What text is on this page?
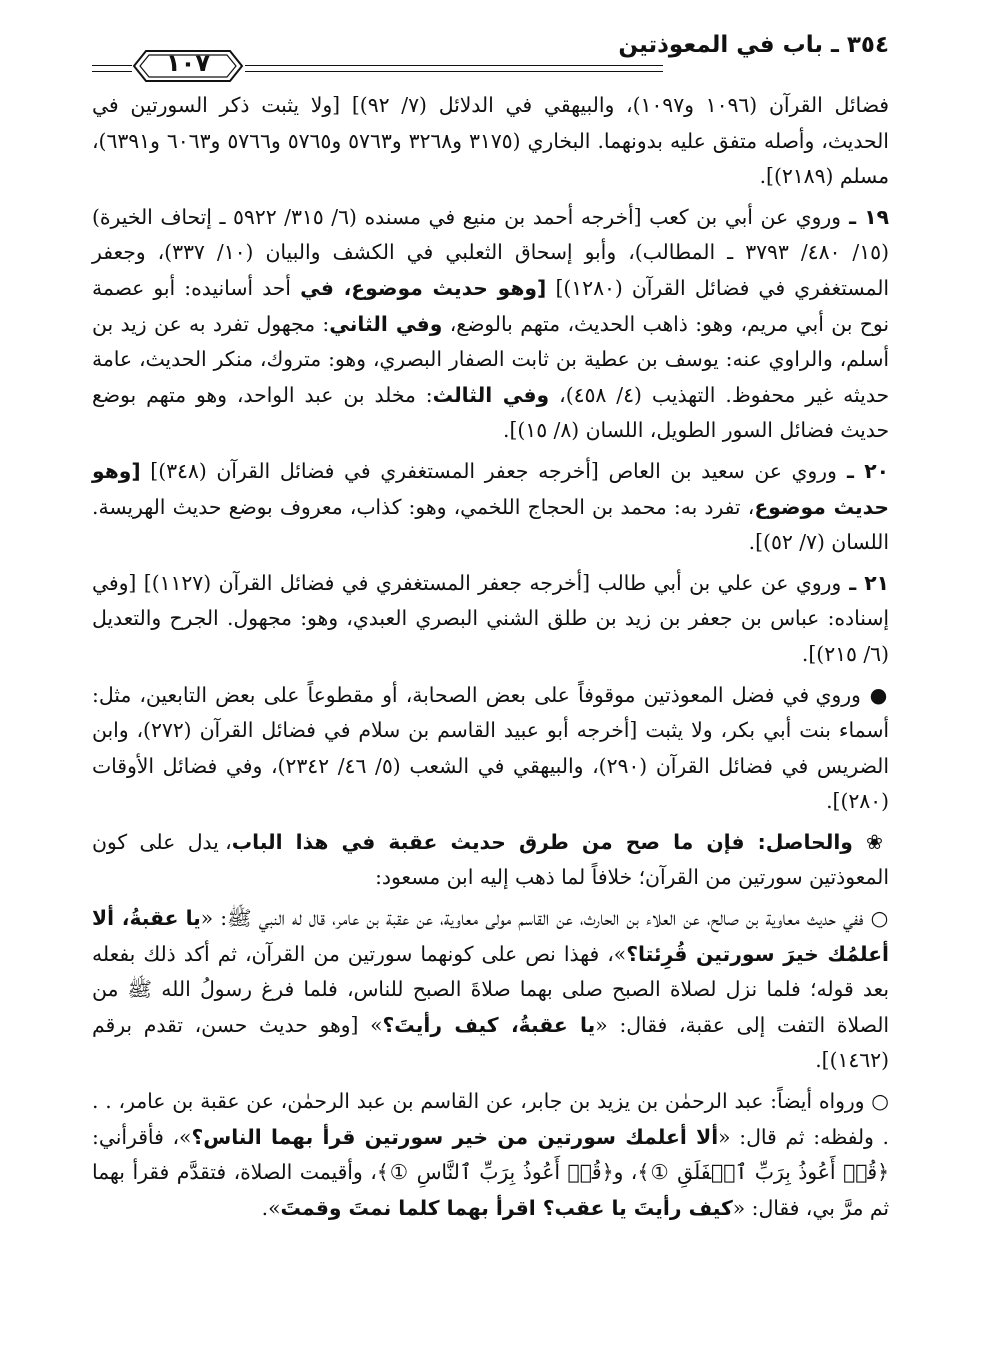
٣٥٤ ـ باب في المعوذتين
١٠٧

فضائل القرآن (١٠٩٦ و١٠٩٧)، والبيهقي في الدلائل (٧/ ٩٢)] [ولا يثبت ذكر السورتين في الحديث، وأصله متفق عليه بدونهما. البخاري (٣١٧٥ و٣٢٦٨ و٥٧٦٣ و٥٧٦٥ و٥٧٦٦ و٦٠٦٣ و٦٣٩١)، مسلم (٢١٨٩)].

١٩ ـ وروي عن أبي بن كعب [أخرجه أحمد بن منيع في مسنده (٦/ ٣١٥/ ٥٩٢٢ ـ إتحاف الخيرة) (١٥/ ٤٨٠/ ٣٧٩٣ ـ المطالب)، وأبو إسحاق الثعلبي في الكشف والبيان (١٠/ ٣٣٧)، وجعفر المستغفري في فضائل القرآن (١٢٨٠)] [وهو حديث موضوع، في أحد أسانيده: أبو عصمة نوح بن أبي مريم، وهو: ذاهب الحديث، متهم بالوضع، وفي الثاني: مجهول تفرد به عن زيد بن أسلم، والراوي عنه: يوسف بن عطية بن ثابت الصفار البصري، وهو: متروك، منكر الحديث، عامة حديثه غير محفوظ. التهذيب (٤/ ٤٥٨)، وفي الثالث: مخلد بن عبد الواحد، وهو متهم بوضع حديث فضائل السور الطويل، اللسان (٨/ ١٥)].

٢٠ ـ وروي عن سعيد بن العاص [أخرجه جعفر المستغفري في فضائل القرآن (٣٤٨)] [وهو حديث موضوع، تفرد به: محمد بن الحجاج اللخمي، وهو: كذاب، معروف بوضع حديث الهريسة. اللسان (٧/ ٥٢)].

٢١ ـ وروي عن علي بن أبي طالب [أخرجه جعفر المستغفري في فضائل القرآن (١١٢٧)] [وفي إسناده: عباس بن جعفر بن زيد بن طلق الشني البصري العبدي، وهو: مجهول. الجرح والتعديل (٦/ ٢١٥)].

● وروي في فضل المعوذتين موقوفاً على بعض الصحابة، أو مقطوعاً على بعض التابعين، مثل: أسماء بنت أبي بكر، ولا يثبت [أخرجه أبو عبيد القاسم بن سلام في فضائل القرآن (٢٧٢)، وابن الضريس في فضائل القرآن (٢٩٠)، والبيهقي في الشعب (٥/ ٤٦/ ٢٣٤٢)، وفي فضائل الأوقات (٢٨٠)].

❀ والحاصل: فإن ما صح من طرق حديث عقبة في هذا الباب، يدل على كون المعوذتين سورتين من القرآن؛ خلافاً لما ذهب إليه ابن مسعود:

○ ففي حديث معاوية بن صالح، عن العلاء بن الحارث، عن القاسم مولى معاوية، عن عقبة بن عامر، قال له النبي ﷺ: «يا عقبةُ، ألا أعلمُك خيرَ سورتين قُرِئتا؟»، فهذا نص على كونهما سورتين من القرآن، ثم أكد ذلك بفعله بعد قوله؛ فلما نزل لصلاة الصبح صلى بهما صلاةَ الصبح للناس، فلما فرغ رسولُ الله ﷺ من الصلاة التفت إلى عقبة، فقال: «يا عقبةُ، كيف رأيتَ؟» [وهو حديث حسن، تقدم برقم (١٤٦٢)].

○ ورواه أيضاً: عبد الرحمٰن بن يزيد بن جابر، عن القاسم بن عبد الرحمٰن، عن عقبة بن عامر، . . . ولفظه: ثم قال: «ألا أعلمك سورتين من خير سورتين قرأ بهما الناس؟»، فأقرأني: ﴿قُلۡ أَعُوذُ بِرَبِّ ٱلۡفَلَقِ ①﴾، و﴿قُلۡ أَعُوذُ بِرَبِّ ٱلنَّاسِ ①﴾، وأقيمت الصلاة، فتقدَّم فقرأ بهما ثم مرَّ بي، فقال: «كيف رأيتَ يا عقب؟ اقرأ بهما كلما نمتَ وقمتَ».
